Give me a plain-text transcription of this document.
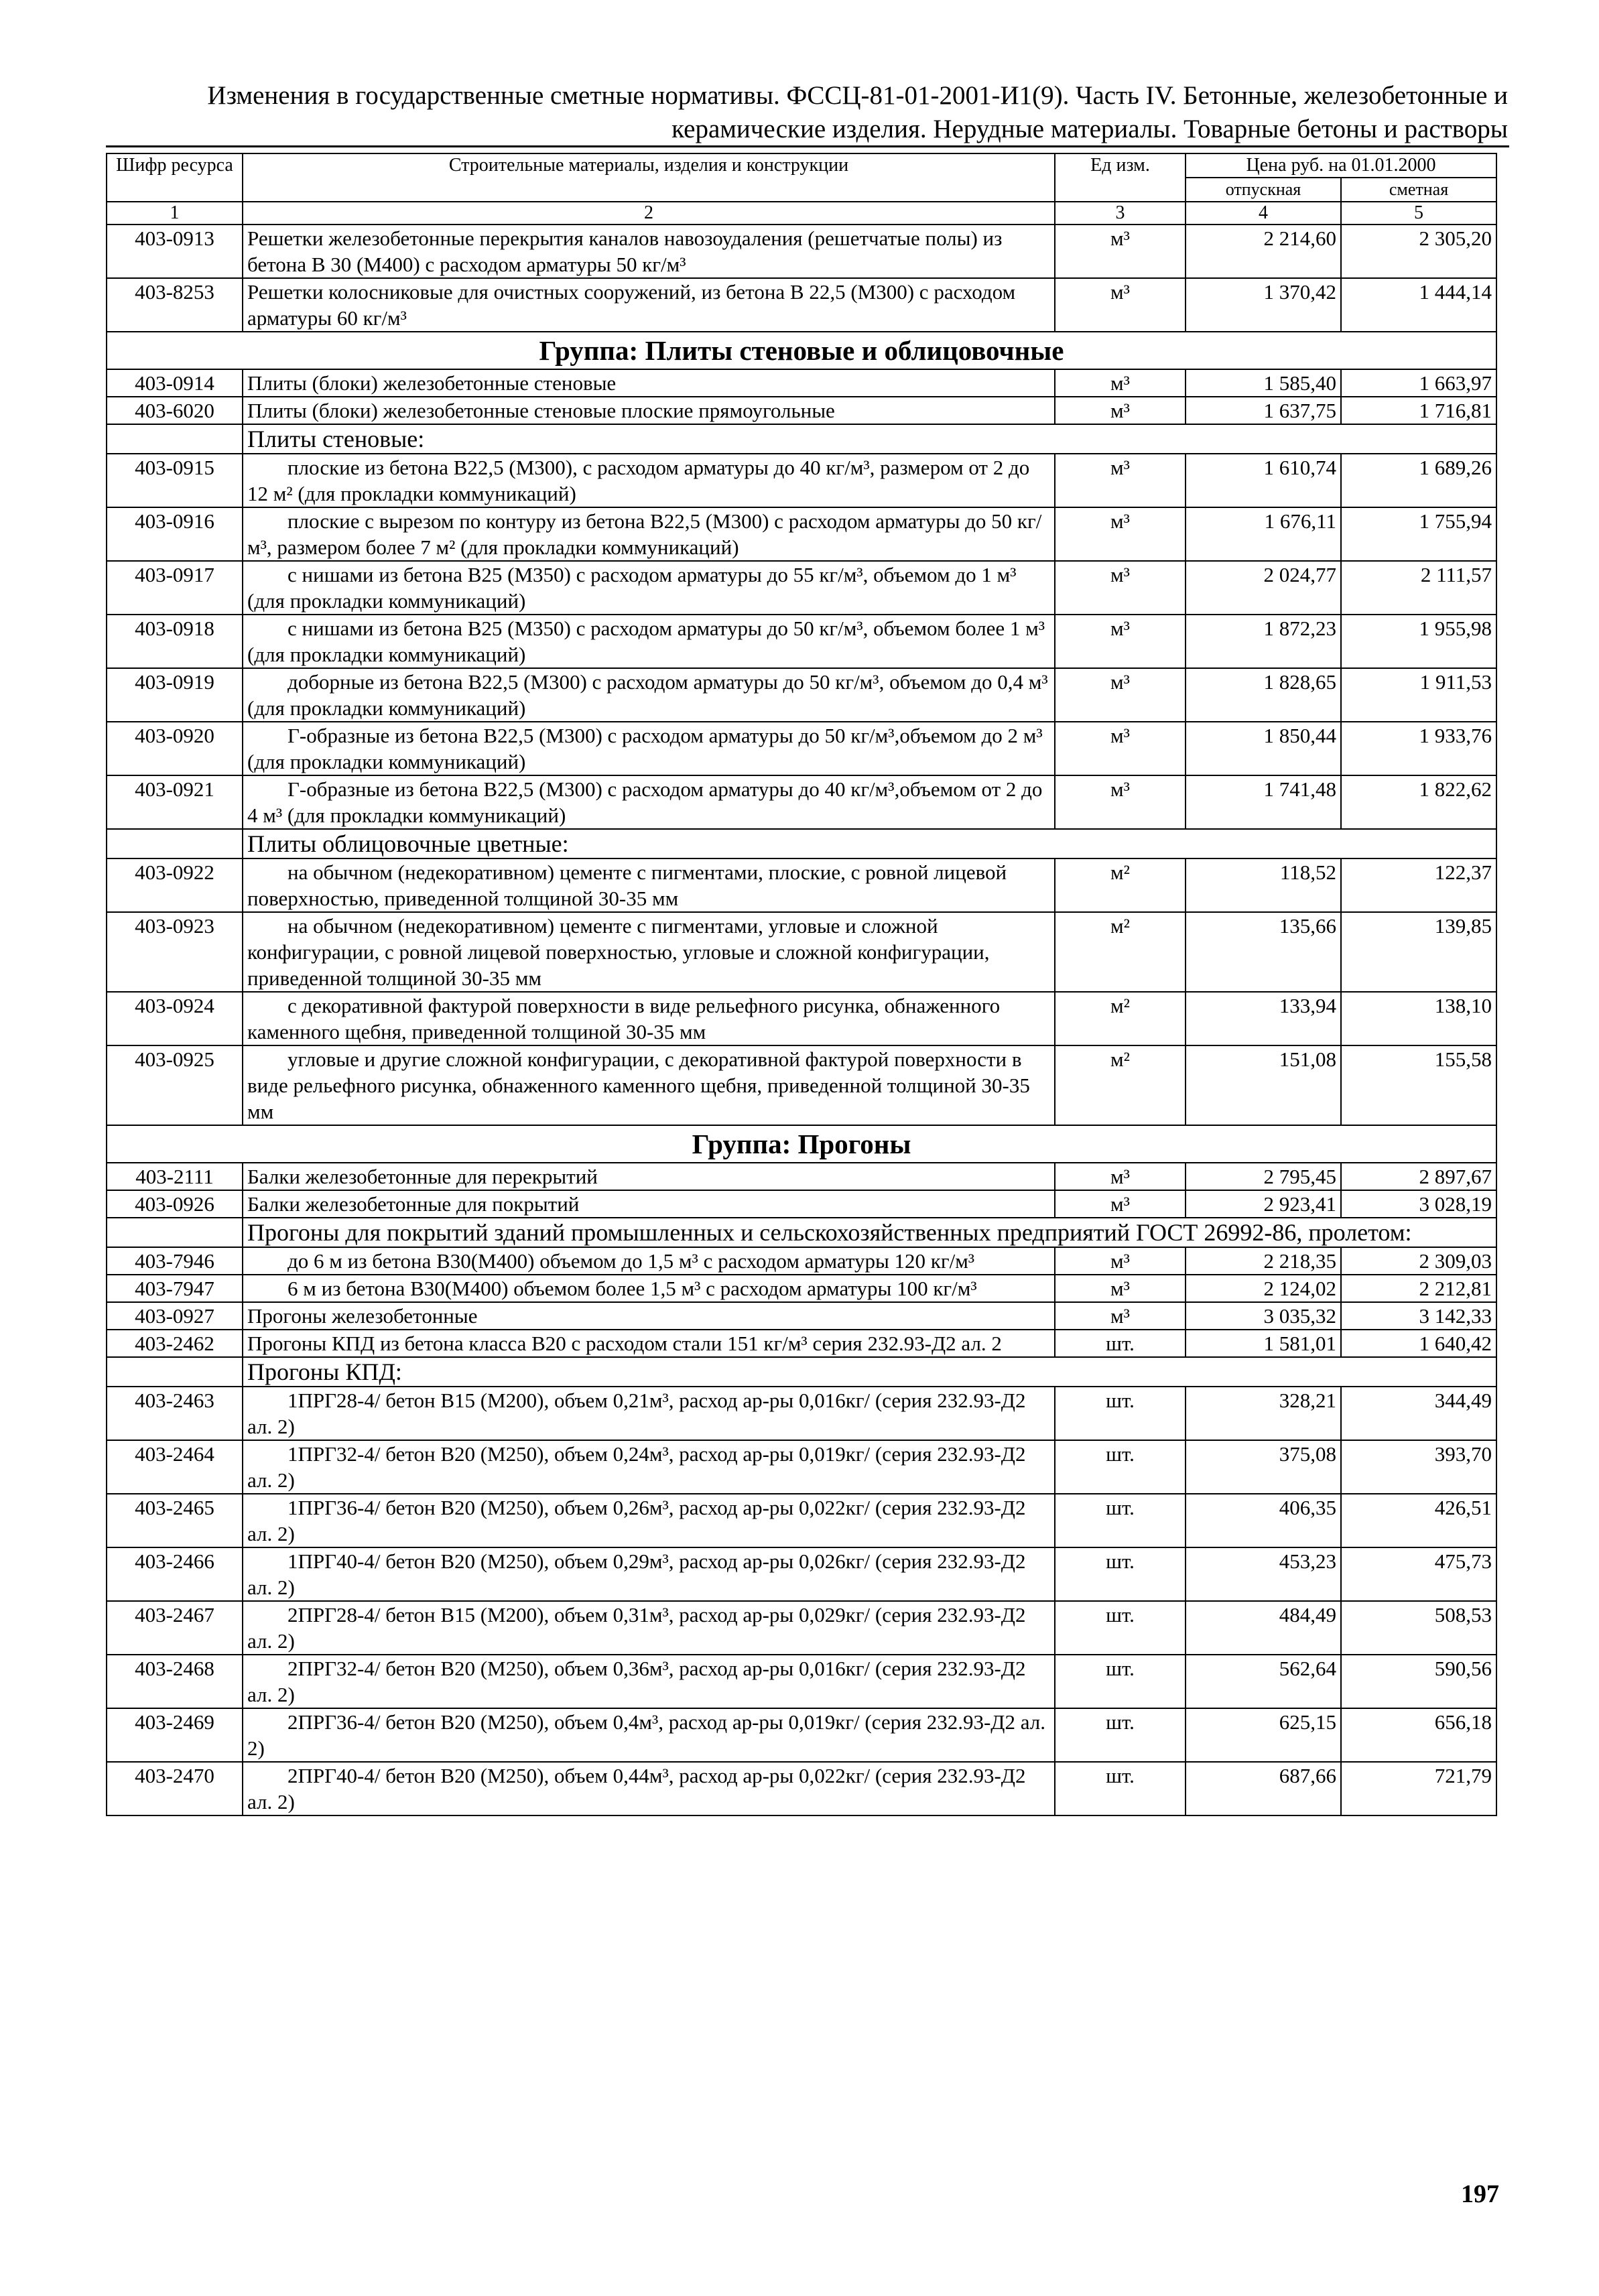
Изменения в государственные сметные нормативы. ФССЦ-81-01-2001-И1(9). Часть IV. Бетонные, железобетонные и
керамические изделия. Нерудные материалы. Товарные бетоны и растворы
Шифр ресурса	Строительные материалы, изделия и конструкции	Ед изм.	Цена руб. на 01.01.2000	
			отпускная	сметная
1	2	3	4	5
403-0913	Решетки железобетонные перекрытия каналов навозоудаления (решетчатые полы) из бетона В 30 (М400) с расходом арматуры 50 кг/м³	м³	2 214,60	2 305,20
403-8253	Решетки колосниковые для очистных сооружений, из бетона В 22,5 (М300) с расходом арматуры 60 кг/м³	м³	1 370,42	1 444,14
Группа: Плиты стеновые и облицовочные				
403-0914	Плиты (блоки) железобетонные стеновые	м³	1 585,40	1 663,97
403-6020	Плиты (блоки) железобетонные стеновые плоские прямоугольные	м³	1 637,75	1 716,81
	Плиты стеновые:			
403-0915	плоские из бетона В22,5 (М300), с расходом арматуры до 40 кг/м³, размером от 2 до 12 м² (для прокладки коммуникаций)	м³	1 610,74	1 689,26
403-0916	плоские с вырезом по контуру из бетона В22,5 (М300) с расходом арматуры до 50 кг/м³, размером более 7 м² (для прокладки коммуникаций)	м³	1 676,11	1 755,94
403-0917	с нишами из бетона В25 (М350) с расходом арматуры до 55 кг/м³, объемом до 1 м³ (для прокладки коммуникаций)	м³	2 024,77	2 111,57
403-0918	с нишами из бетона В25 (М350) с расходом арматуры до 50 кг/м³, объемом более 1 м³ (для прокладки коммуникаций)	м³	1 872,23	1 955,98
403-0919	доборные из бетона В22,5 (М300) с расходом арматуры до 50 кг/м³, объемом до 0,4 м³ (для прокладки коммуникаций)	м³	1 828,65	1 911,53
403-0920	Г-образные из бетона В22,5 (М300) с расходом арматуры до 50 кг/м³,объемом до 2 м³ (для прокладки коммуникаций)	м³	1 850,44	1 933,76
403-0921	Г-образные из бетона В22,5 (М300) с расходом арматуры до 40 кг/м³,объемом от 2 до 4 м³ (для прокладки коммуникаций)	м³	1 741,48	1 822,62
	Плиты облицовочные цветные:			
403-0922	на обычном (недекоративном) цементе с пигментами, плоские, с ровной лицевой поверхностью, приведенной толщиной 30-35 мм	м²	118,52	122,37
403-0923	на обычном (недекоративном) цементе с пигментами, угловые и сложной конфигурации, с ровной лицевой поверхностью, угловые и сложной конфигурации, приведенной толщиной 30-35 мм	м²	135,66	139,85
403-0924	с декоративной фактурой поверхности в виде рельефного рисунка, обнаженного каменного щебня, приведенной толщиной 30-35 мм	м²	133,94	138,10
403-0925	угловые и другие сложной конфигурации, с декоративной фактурой поверхности в виде рельефного рисунка, обнаженного каменного щебня, приведенной толщиной 30-35 мм	м²	151,08	155,58
Группа: Прогоны				
403-2111	Балки железобетонные для перекрытий	м³	2 795,45	2 897,67
403-0926	Балки железобетонные для покрытий	м³	2 923,41	3 028,19
	Прогоны для покрытий зданий промышленных и сельскохозяйственных предприятий ГОСТ 26992-86, пролетом:			
403-7946	до 6 м из бетона В30(М400) объемом до 1,5 м³ с расходом арматуры 120 кг/м³	м³	2 218,35	2 309,03
403-7947	6 м из бетона В30(М400) объемом более 1,5 м³ с расходом арматуры 100 кг/м³	м³	2 124,02	2 212,81
403-0927	Прогоны железобетонные	м³	3 035,32	3 142,33
403-2462	Прогоны КПД из бетона класса В20 с расходом стали 151 кг/м³ серия 232.93-Д2 ал. 2	шт.	1 581,01	1 640,42
	Прогоны КПД:			
403-2463	1ПРГ28-4/ бетон В15 (М200), объем 0,21м³, расход ар-ры 0,016кг/ (серия 232.93-Д2 ал. 2)	шт.	328,21	344,49
403-2464	1ПРГ32-4/ бетон В20 (М250), объем 0,24м³, расход ар-ры 0,019кг/ (серия 232.93-Д2 ал. 2)	шт.	375,08	393,70
403-2465	1ПРГ36-4/ бетон В20 (М250), объем 0,26м³, расход ар-ры 0,022кг/ (серия 232.93-Д2 ал. 2)	шт.	406,35	426,51
403-2466	1ПРГ40-4/ бетон В20 (М250), объем 0,29м³, расход ар-ры 0,026кг/ (серия 232.93-Д2 ал. 2)	шт.	453,23	475,73
403-2467	2ПРГ28-4/ бетон В15 (М200), объем 0,31м³, расход ар-ры 0,029кг/ (серия 232.93-Д2 ал. 2)	шт.	484,49	508,53
403-2468	2ПРГ32-4/ бетон В20 (М250), объем 0,36м³, расход ар-ры 0,016кг/ (серия 232.93-Д2 ал. 2)	шт.	562,64	590,56
403-2469	2ПРГ36-4/ бетон В20 (М250), объем 0,4м³, расход ар-ры 0,019кг/ (серия 232.93-Д2 ал. 2)	шт.	625,15	656,18
403-2470	2ПРГ40-4/ бетон В20 (М250), объем 0,44м³, расход ар-ры 0,022кг/ (серия 232.93-Д2 ал. 2)	шт.	687,66	721,79
197
